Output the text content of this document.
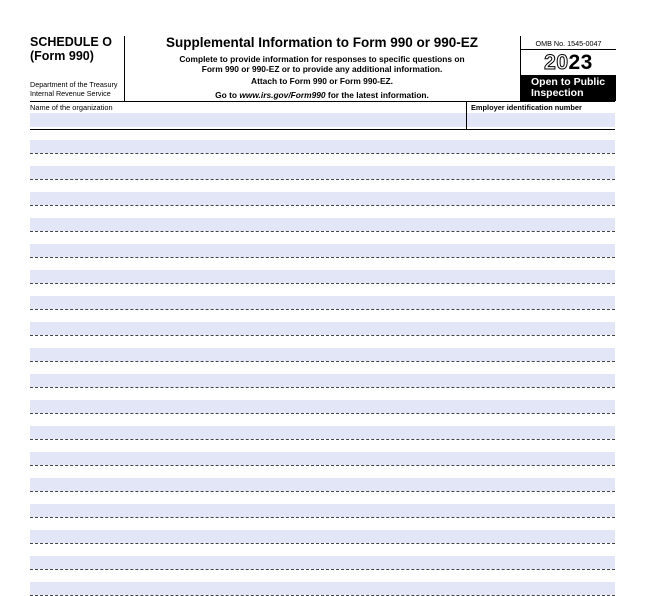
SCHEDULE O
(Form 990)
Department of the Treasury
Internal Revenue Service
Supplemental Information to Form 990 or 990-EZ
Complete to provide information for responses to specific questions on
Form 990 or 990-EZ or to provide any additional information.
Attach to Form 990 or Form 990-EZ.
Go to www.irs.gov/Form990 for the latest information.
OMB No. 1545-0047
2023
Open to Public
Inspection
Name of the organization	Employer identification number
